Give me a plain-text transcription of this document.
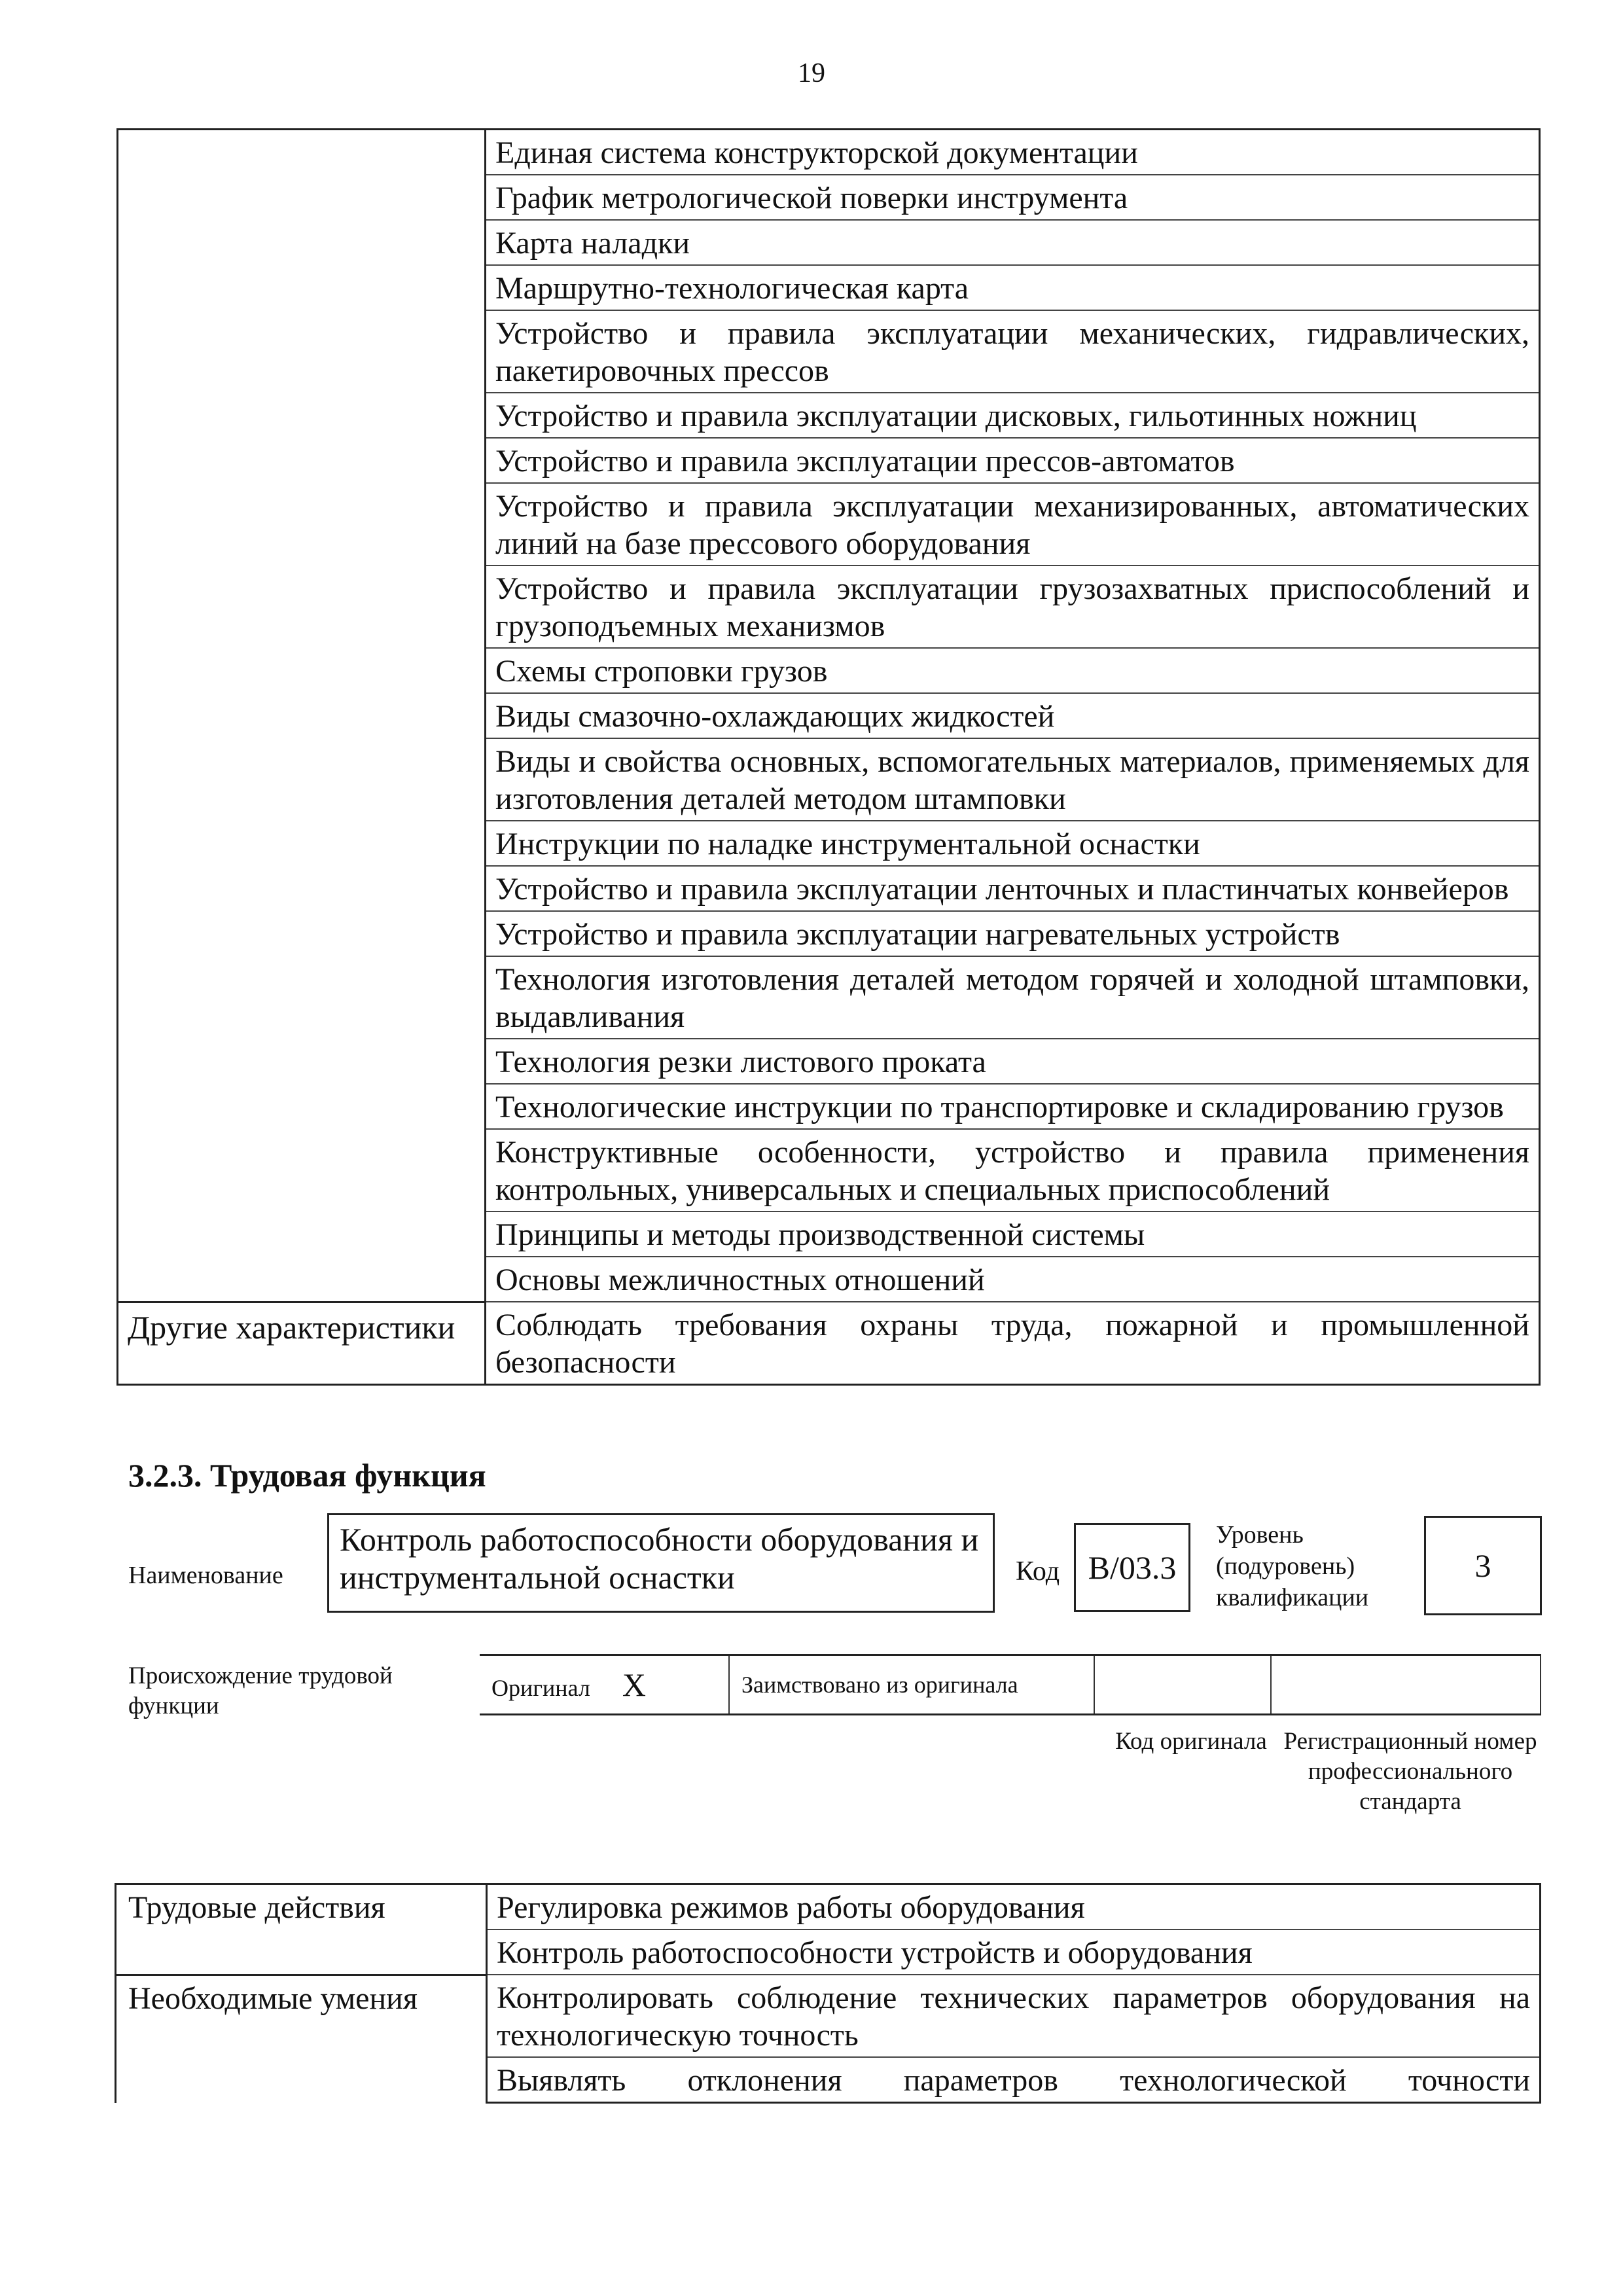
19
	Единая система конструкторской документации
	График метрологической поверки инструмента
	Карта наладки
	Маршрутно-технологическая карта
	Устройство и правила эксплуатации механических, гидравлических, пакетировочных прессов
	Устройство и правила эксплуатации дисковых, гильотинных ножниц
	Устройство и правила эксплуатации прессов-автоматов
	Устройство и правила эксплуатации механизированных, автоматических линий на базе прессового оборудования
	Устройство и правила эксплуатации грузозахватных приспособлений и грузоподъемных механизмов
	Схемы строповки грузов
	Виды смазочно-охлаждающих жидкостей
	Виды и свойства основных, вспомогательных материалов, применяемых для изготовления деталей методом штамповки
	Инструкции по наладке инструментальной оснастки
	Устройство и правила эксплуатации ленточных и пластинчатых конвейеров
	Устройство и правила эксплуатации нагревательных устройств
	Технология изготовления деталей методом горячей и холодной штамповки, выдавливания
	Технология резки листового проката
	Технологические инструкции по транспортировке и складированию грузов
	Конструктивные особенности, устройство и правила применения контрольных, универсальных и специальных приспособлений
	Принципы и методы производственной системы
	Основы межличностных отношений
Другие характеристики	Соблюдать требования охраны труда, пожарной и промышленной безопасности
3.2.3. Трудовая функция
Наименование
Контроль работоспособности оборудования и инструментальной оснастки	Код B/03.3
Уровень (подуровень) квалификации
3
Происхождение трудовой функции
Оригинал X	Заимствовано из оригинала		
Код оригинала Регистрационный номер профессионального стандарта
Трудовые действия	Регулировка режимов работы оборудования
	Контроль работоспособности устройств и оборудования
Необходимые умения	Контролировать соблюдение технических параметров оборудования на технологическую точность
	Выявлять отклонения параметров технологической точности
